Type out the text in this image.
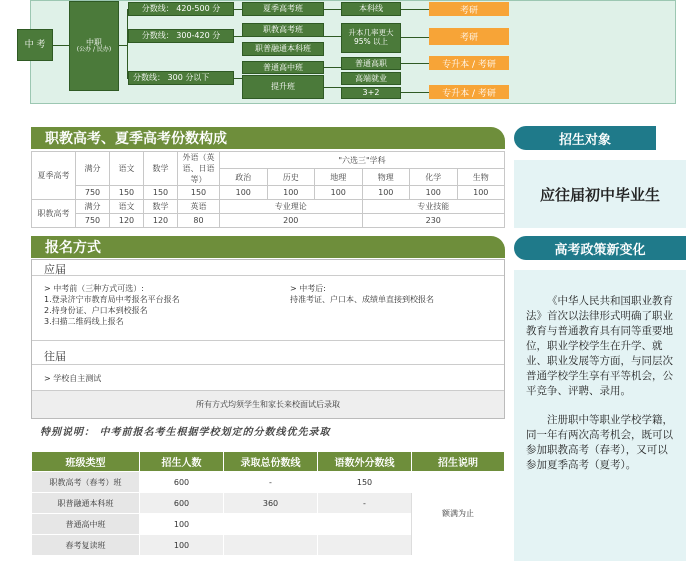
中 考	中职
(公办 / 民办)
分数线： 420-500 分
分数线： 300-420 分
分数线： 300 分以下
夏季高考班
职教高考班
职普融通本科班
普通高中班
提升班
本科线
升本几率更大 95% 以上
普通高职
高端就业
3+2
考研
考研
专升本 / 考研
专升本 / 考研
职教高考、夏季高考份数构成
夏季高考	满分	语文	数学	外语（英语、日语等）	"六选三"学科					
					政治	历史	地理	物理	化学	生物
	750	150	150	150	100	100	100	100	100	100
职教高考	满分	语文	数学	英语	专业理论			专业技能		
	750	120	120	80	200			230		
招生对象
应往届初中毕业生
高考政策新变化

《中华人民共和国职业教育法》首次以法律形式明确了职业教育与普通教育具有同等重要地位，职业学校学生在升学、就业、职业发展等方面，与同层次普通学校学生享有平等机会，公平竞争、评聘、录用。

注册职中等职业学校学籍，同一年有两次高考机会，既可以参加职教高考（春考），又可以参加夏季高考（夏考）。

报名方式
应届
> 中考前（三种方式可选）:
1.登录济宁市教育局中考报名平台报名
2.持身份证、户口本到校报名
3.扫描二维码线上报名
> 中考后:
持准考证、户口本、成绩单直接到校报名
往届
> 学校自主测试
所有方式均须学生和家长来校面试后录取
特别说明： 中考前报名考生根据学校划定的分数线优先录取
班级类型	招生人数	录取总份数线	语数外分数线	招生说明
职教高考（春考）班	600	-	150	额满为止
职普融通本科班	600	360	-	
普通高中班	100			
春考复读班	100			
